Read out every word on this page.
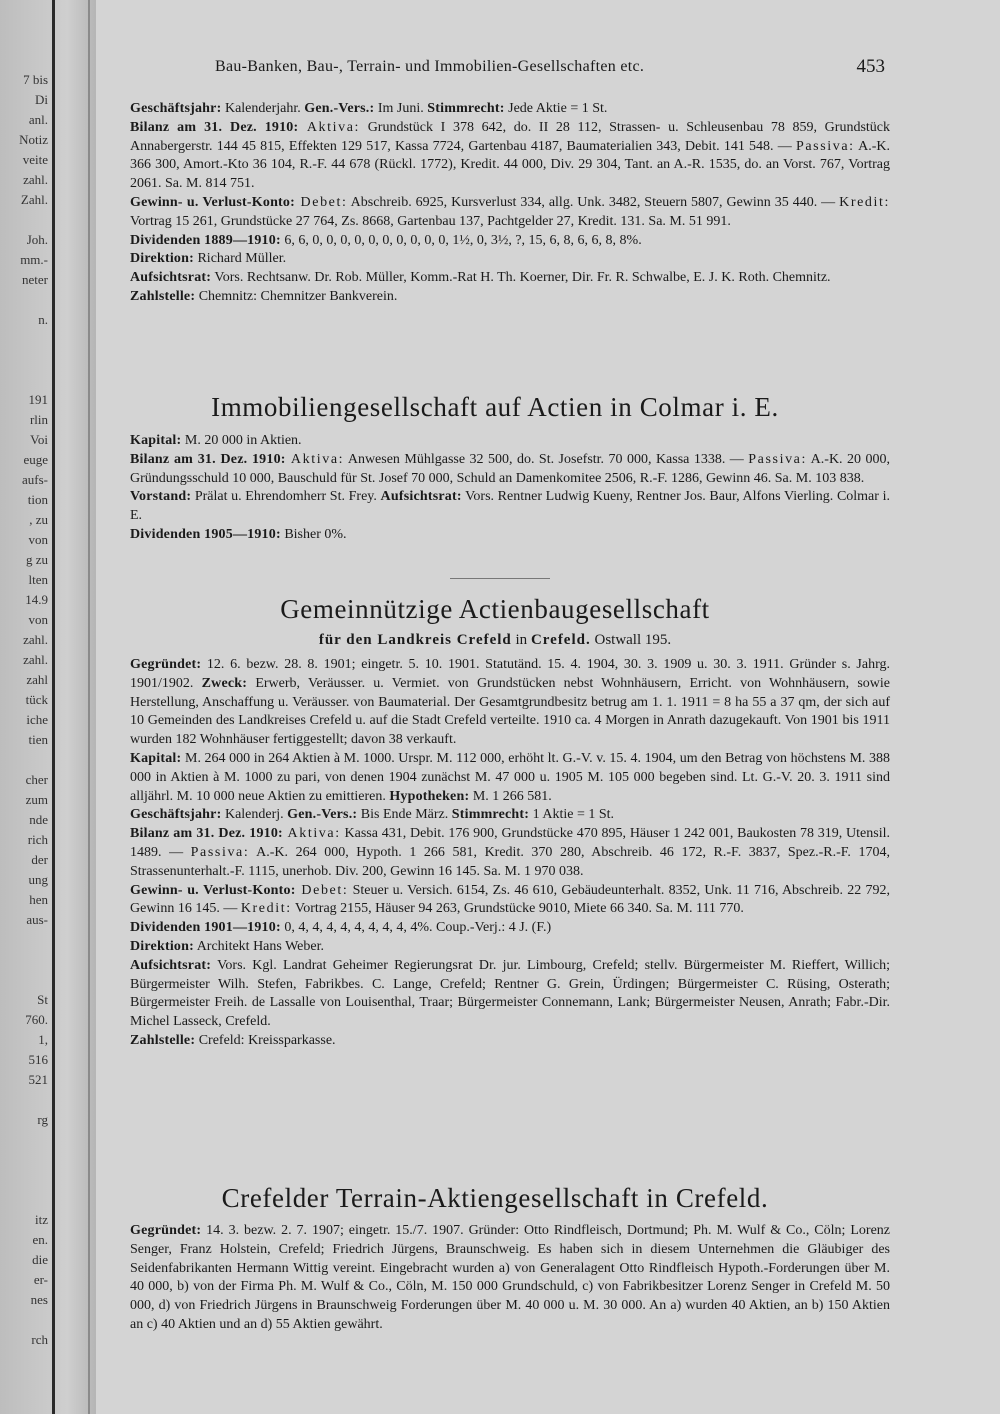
7 bis
Di
anl.
Notiz
veite
zahl.
Zahl.

Joh.
mm.-
neter

n.

191
rlin
Voi
euge
aufs-
tion
, zu
von
g zu
lten
14.9
von
zahl.
zahl.
zahl
tück
iche
tien

cher
zum
nde
rich
der
ung
hen
aus-

St
760.
1,
516
521

rg

itz
en.
die
er-
nes

rch
Bau-Banken, Bau-, Terrain- und Immobilien-Gesellschaften etc.	453

Geschäftsjahr: Kalenderjahr. Gen.-Vers.: Im Juni. Stimmrecht: Jede Aktie = 1 St.

Bilanz am 31. Dez. 1910: Aktiva: Grundstück I 378 642, do. II 28 112, Strassen- u. Schleusenbau 78 859, Grundstück Annabergerstr. 144 45 815, Effekten 129 517, Kassa 7724, Gartenbau 4187, Baumaterialien 343, Debit. 141 548. — Passiva: A.-K. 366 300, Amort.-Kto 36 104, R.-F. 44 678 (Rückl. 1772), Kredit. 44 000, Div. 29 304, Tant. an A.-R. 1535, do. an Vorst. 767, Vortrag 2061. Sa. M. 814 751.

Gewinn- u. Verlust-Konto: Debet: Abschreib. 6925, Kursverlust 334, allg. Unk. 3482, Steuern 5807, Gewinn 35 440. — Kredit: Vortrag 15 261, Grundstücke 27 764, Zs. 8668, Gartenbau 137, Pachtgelder 27, Kredit. 131. Sa. M. 51 991.

Dividenden 1889—1910: 6, 6, 0, 0, 0, 0, 0, 0, 0, 0, 0, 0, 1½, 0, 3½, ?, 15, 6, 8, 6, 6, 8, 8%.

Direktion: Richard Müller.

Aufsichtsrat: Vors. Rechtsanw. Dr. Rob. Müller, Komm.-Rat H. Th. Koerner, Dir. Fr. R. Schwalbe, E. J. K. Roth. Chemnitz.

Zahlstelle: Chemnitz: Chemnitzer Bankverein.

Immobiliengesellschaft auf Actien in Colmar i. E.

Kapital: M. 20 000 in Aktien.

Bilanz am 31. Dez. 1910: Aktiva: Anwesen Mühlgasse 32 500, do. St. Josefstr. 70 000, Kassa 1338. — Passiva: A.-K. 20 000, Gründungsschuld 10 000, Bauschuld für St. Josef 70 000, Schuld an Damenkomitee 2506, R.-F. 1286, Gewinn 46. Sa. M. 103 838.

Vorstand: Prälat u. Ehrendomherr St. Frey. Aufsichtsrat: Vors. Rentner Ludwig Kueny, Rentner Jos. Baur, Alfons Vierling. Colmar i. E.

Dividenden 1905—1910: Bisher 0%.

Gemeinnützige Actienbaugesellschaft
für den Landkreis Crefeld in Crefeld. Ostwall 195.

Gegründet: 12. 6. bezw. 28. 8. 1901; eingetr. 5. 10. 1901. Statutänd. 15. 4. 1904, 30. 3. 1909 u. 30. 3. 1911. Gründer s. Jahrg. 1901/1902. Zweck: Erwerb, Veräusser. u. Vermiet. von Grundstücken nebst Wohnhäusern, Erricht. von Wohnhäusern, sowie Herstellung, Anschaffung u. Veräusser. von Baumaterial. Der Gesamtgrundbesitz betrug am 1. 1. 1911 = 8 ha 55 a 37 qm, der sich auf 10 Gemeinden des Landkreises Crefeld u. auf die Stadt Crefeld verteilte. 1910 ca. 4 Morgen in Anrath dazugekauft. Von 1901 bis 1911 wurden 182 Wohnhäuser fertiggestellt; davon 38 verkauft.

Kapital: M. 264 000 in 264 Aktien à M. 1000. Urspr. M. 112 000, erhöht lt. G.-V. v. 15. 4. 1904, um den Betrag von höchstens M. 388 000 in Aktien à M. 1000 zu pari, von denen 1904 zunächst M. 47 000 u. 1905 M. 105 000 begeben sind. Lt. G.-V. 20. 3. 1911 sind alljährl. M. 10 000 neue Aktien zu emittieren. Hypotheken: M. 1 266 581.

Geschäftsjahr: Kalenderj. Gen.-Vers.: Bis Ende März. Stimmrecht: 1 Aktie = 1 St.

Bilanz am 31. Dez. 1910: Aktiva: Kassa 431, Debit. 176 900, Grundstücke 470 895, Häuser 1 242 001, Baukosten 78 319, Utensil. 1489. — Passiva: A.-K. 264 000, Hypoth. 1 266 581, Kredit. 370 280, Abschreib. 46 172, R.-F. 3837, Spez.-R.-F. 1704, Strassenunterhalt.-F. 1115, unerhob. Div. 200, Gewinn 16 145. Sa. M. 1 970 038.

Gewinn- u. Verlust-Konto: Debet: Steuer u. Versich. 6154, Zs. 46 610, Gebäudeunterhalt. 8352, Unk. 11 716, Abschreib. 22 792, Gewinn 16 145. — Kredit: Vortrag 2155, Häuser 94 263, Grundstücke 9010, Miete 66 340. Sa. M. 111 770.

Dividenden 1901—1910: 0, 4, 4, 4, 4, 4, 4, 4, 4, 4%. Coup.-Verj.: 4 J. (F.)

Direktion: Architekt Hans Weber.

Aufsichtsrat: Vors. Kgl. Landrat Geheimer Regierungsrat Dr. jur. Limbourg, Crefeld; stellv. Bürgermeister M. Rieffert, Willich; Bürgermeister Wilh. Stefen, Fabrikbes. C. Lange, Crefeld; Rentner G. Grein, Ürdingen; Bürgermeister C. Rüsing, Osterath; Bürgermeister Freih. de Lassalle von Louisenthal, Traar; Bürgermeister Connemann, Lank; Bürgermeister Neusen, Anrath; Fabr.-Dir. Michel Lasseck, Crefeld.

Zahlstelle: Crefeld: Kreissparkasse.

Crefelder Terrain-Aktiengesellschaft in Crefeld.

Gegründet: 14. 3. bezw. 2. 7. 1907; eingetr. 15./7. 1907. Gründer: Otto Rindfleisch, Dortmund; Ph. M. Wulf & Co., Cöln; Lorenz Senger, Franz Holstein, Crefeld; Friedrich Jürgens, Braunschweig. Es haben sich in diesem Unternehmen die Gläubiger des Seidenfabrikanten Hermann Wittig vereint. Eingebracht wurden a) von Generalagent Otto Rindfleisch Hypoth.-Forderungen über M. 40 000, b) von der Firma Ph. M. Wulf & Co., Cöln, M. 150 000 Grundschuld, c) von Fabrikbesitzer Lorenz Senger in Crefeld M. 50 000, d) von Friedrich Jürgens in Braunschweig Forderungen über M. 40 000 u. M. 30 000. An a) wurden 40 Aktien, an b) 150 Aktien an c) 40 Aktien und an d) 55 Aktien gewährt.
